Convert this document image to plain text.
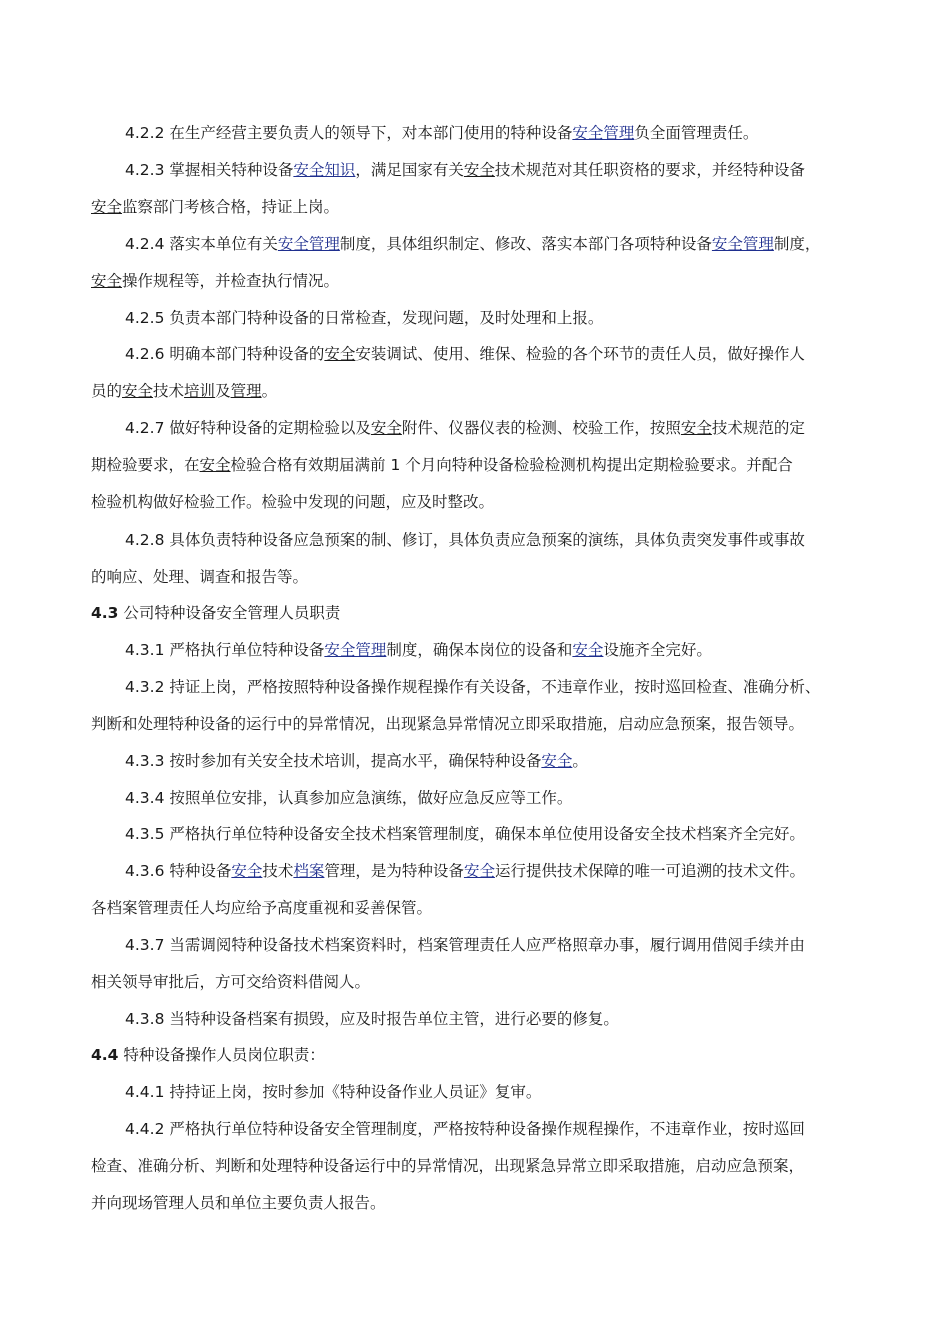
4.2.2 在生产经营主要负责人的领导下，对本部门使用的特种设备安全管理负全面管理责任。
4.2.3 掌握相关特种设备安全知识，满足国家有关安全技术规范对其任职资格的要求，并经特种设备
安全监察部门考核合格，持证上岗。
4.2.4 落实本单位有关安全管理制度，具体组织制定、修改、落实本部门各项特种设备安全管理制度，
安全操作规程等，并检查执行情况。
4.2.5 负责本部门特种设备的日常检查，发现问题，及时处理和上报。
4.2.6 明确本部门特种设备的安全安装调试、使用、维保、检验的各个环节的责任人员，做好操作人
员的安全技术培训及管理。
4.2.7 做好特种设备的定期检验以及安全附件、仪器仪表的检测、校验工作，按照安全技术规范的定
期检验要求，在安全检验合格有效期届满前 1 个月向特种设备检验检测机构提出定期检验要求。并配合
检验机构做好检验工作。检验中发现的问题，应及时整改。
4.2.8 具体负责特种设备应急预案的制、修订，具体负责应急预案的演练，具体负责突发事件或事故
的响应、处理、调查和报告等。
4.3 公司特种设备安全管理人员职责
4.3.1 严格执行单位特种设备安全管理制度，确保本岗位的设备和安全设施齐全完好。
4.3.2 持证上岗，严格按照特种设备操作规程操作有关设备，不违章作业，按时巡回检查、准确分析、
判断和处理特种设备的运行中的异常情况，出现紧急异常情况立即采取措施，启动应急预案，报告领导。
4.3.3 按时参加有关安全技术培训，提高水平，确保特种设备安全。
4.3.4 按照单位安排，认真参加应急演练，做好应急反应等工作。
4.3.5 严格执行单位特种设备安全技术档案管理制度，确保本单位使用设备安全技术档案齐全完好。
4.3.6 特种设备安全技术档案管理，是为特种设备安全运行提供技术保障的唯一可追溯的技术文件。
各档案管理责任人均应给予高度重视和妥善保管。
4.3.7 当需调阅特种设备技术档案资料时，档案管理责任人应严格照章办事，履行调用借阅手续并由
相关领导审批后，方可交给资料借阅人。
4.3.8 当特种设备档案有损毁，应及时报告单位主管，进行必要的修复。
4.4 特种设备操作人员岗位职责：
4.4.1 持持证上岗，按时参加《特种设备作业人员证》复审。
4.4.2 严格执行单位特种设备安全管理制度，严格按特种设备操作规程操作，不违章作业，按时巡回
检查、准确分析、判断和处理特种设备运行中的异常情况，出现紧急异常立即采取措施，启动应急预案，
并向现场管理人员和单位主要负责人报告。
